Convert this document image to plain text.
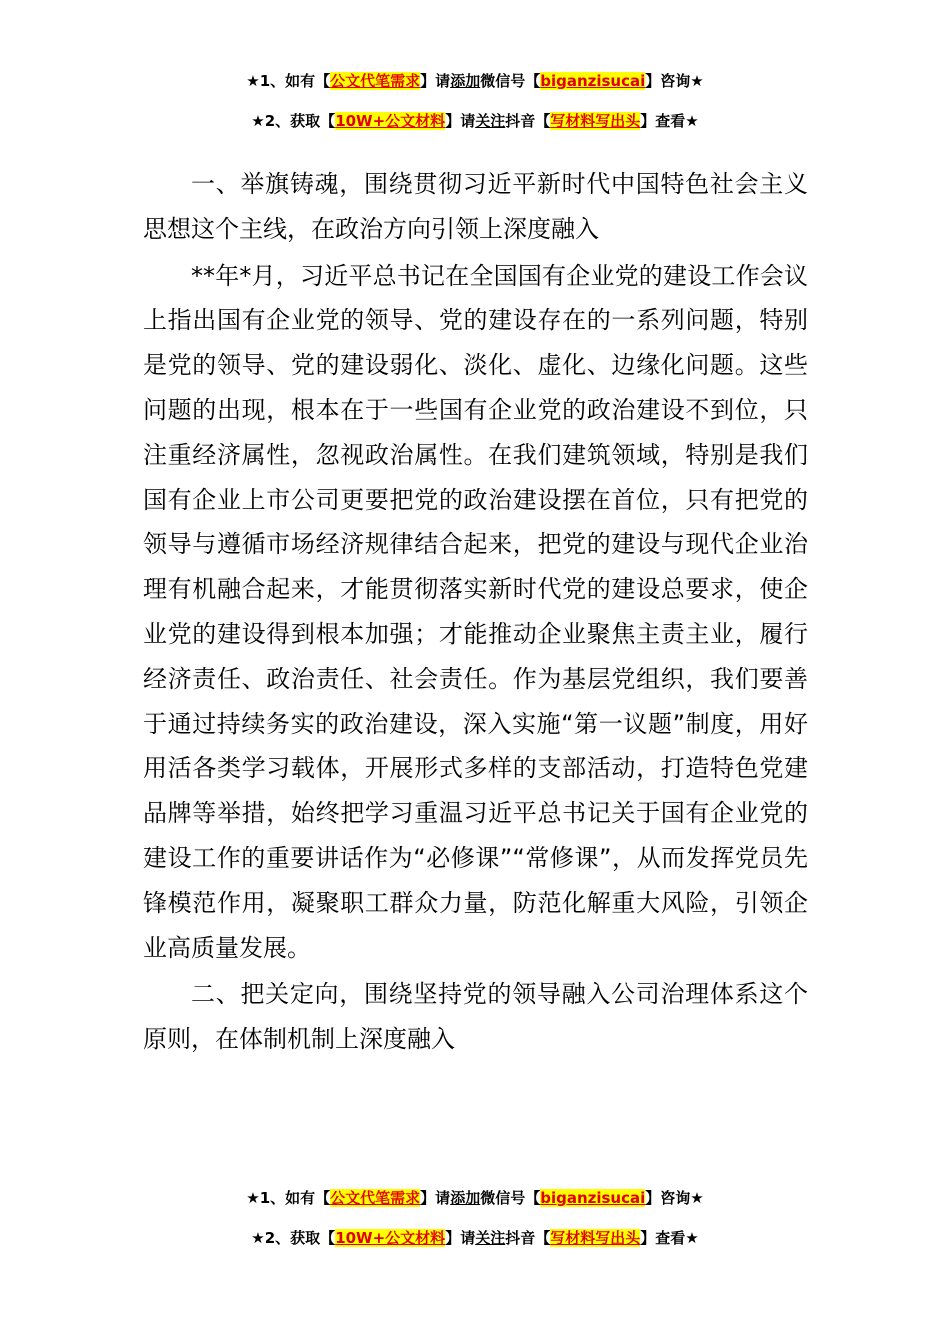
★1、如有【公文代笔需求】请添加微信号【biganzisucai】咨询★
★2、获取【10W+公文材料】请关注抖音【写材料写出头】查看★

一、举旗铸魂，围绕贯彻习近平新时代中国特色社会主义思想这个主线，在政治方向引领上深度融入

**年*月，习近平总书记在全国国有企业党的建设工作会议上指出国有企业党的领导、党的建设存在的一系列问题，特别是党的领导、党的建设弱化、淡化、虚化、边缘化问题。这些问题的出现，根本在于一些国有企业党的政治建设不到位，只注重经济属性，忽视政治属性。在我们建筑领域，特别是我们国有企业上市公司更要把党的政治建设摆在首位，只有把党的领导与遵循市场经济规律结合起来，把党的建设与现代企业治理有机融合起来，才能贯彻落实新时代党的建设总要求，使企业党的建设得到根本加强；才能推动企业聚焦主责主业，履行经济责任、政治责任、社会责任。作为基层党组织，我们要善于通过持续务实的政治建设，深入实施“第一议题”制度，用好用活各类学习载体，开展形式多样的支部活动，打造特色党建品牌等举措，始终把学习重温习近平总书记关于国有企业党的建设工作的重要讲话作为“必修课”“常修课”，从而发挥党员先锋模范作用，凝聚职工群众力量，防范化解重大风险，引领企业高质量发展。

二、把关定向，围绕坚持党的领导融入公司治理体系这个原则，在体制机制上深度融入

★1、如有【公文代笔需求】请添加微信号【biganzisucai】咨询★
★2、获取【10W+公文材料】请关注抖音【写材料写出头】查看★
